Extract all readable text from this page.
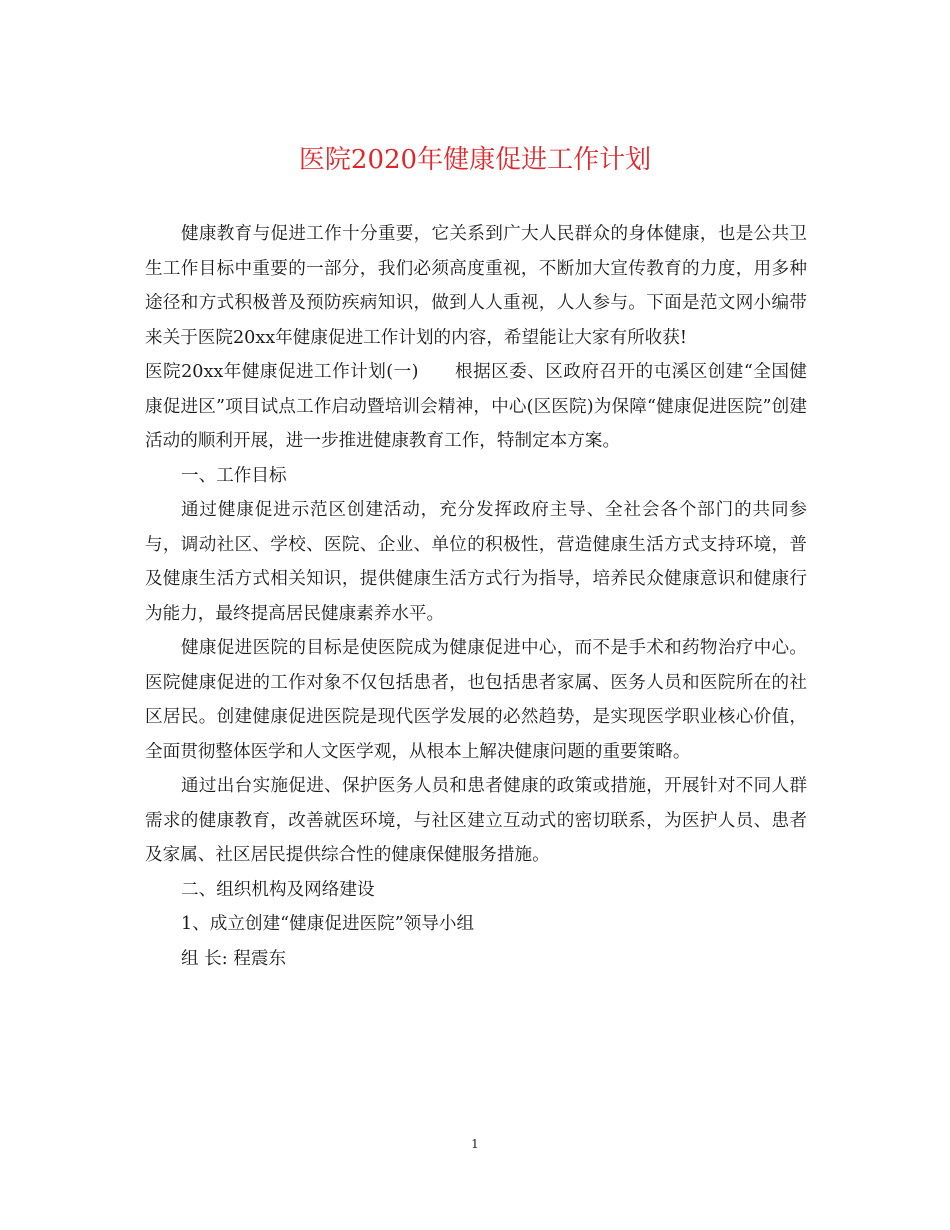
医院2020年健康促进工作计划

健康教育与促进工作十分重要，它关系到广大人民群众的身体健康，也是公共卫生工作目标中重要的一部分，我们必须高度重视，不断加大宣传教育的力度，用多种途径和方式积极普及预防疾病知识，做到人人重视，人人参与。下面是范文网小编带来关于医院20xx年健康促进工作计划的内容，希望能让大家有所收获!

医院20xx年健康促进工作计划(一)　　根据区委、区政府召开的屯溪区创建“全国健康促进区”项目试点工作启动暨培训会精神，中心(区医院)为保障“健康促进医院”创建活动的顺利开展，进一步推进健康教育工作，特制定本方案。

一、工作目标

通过健康促进示范区创建活动，充分发挥政府主导、全社会各个部门的共同参与，调动社区、学校、医院、企业、单位的积极性，营造健康生活方式支持环境，普及健康生活方式相关知识，提供健康生活方式行为指导，培养民众健康意识和健康行为能力，最终提高居民健康素养水平。

健康促进医院的目标是使医院成为健康促进中心，而不是手术和药物治疗中心。医院健康促进的工作对象不仅包括患者，也包括患者家属、医务人员和医院所在的社区居民。创建健康促进医院是现代医学发展的必然趋势，是实现医学职业核心价值，全面贯彻整体医学和人文医学观，从根本上解决健康问题的重要策略。

通过出台实施促进、保护医务人员和患者健康的政策或措施，开展针对不同人群需求的健康教育，改善就医环境，与社区建立互动式的密切联系，为医护人员、患者及家属、社区居民提供综合性的健康保健服务措施。

二、组织机构及网络建设

1、成立创建“健康促进医院”领导小组

组 长: 程震东

1
